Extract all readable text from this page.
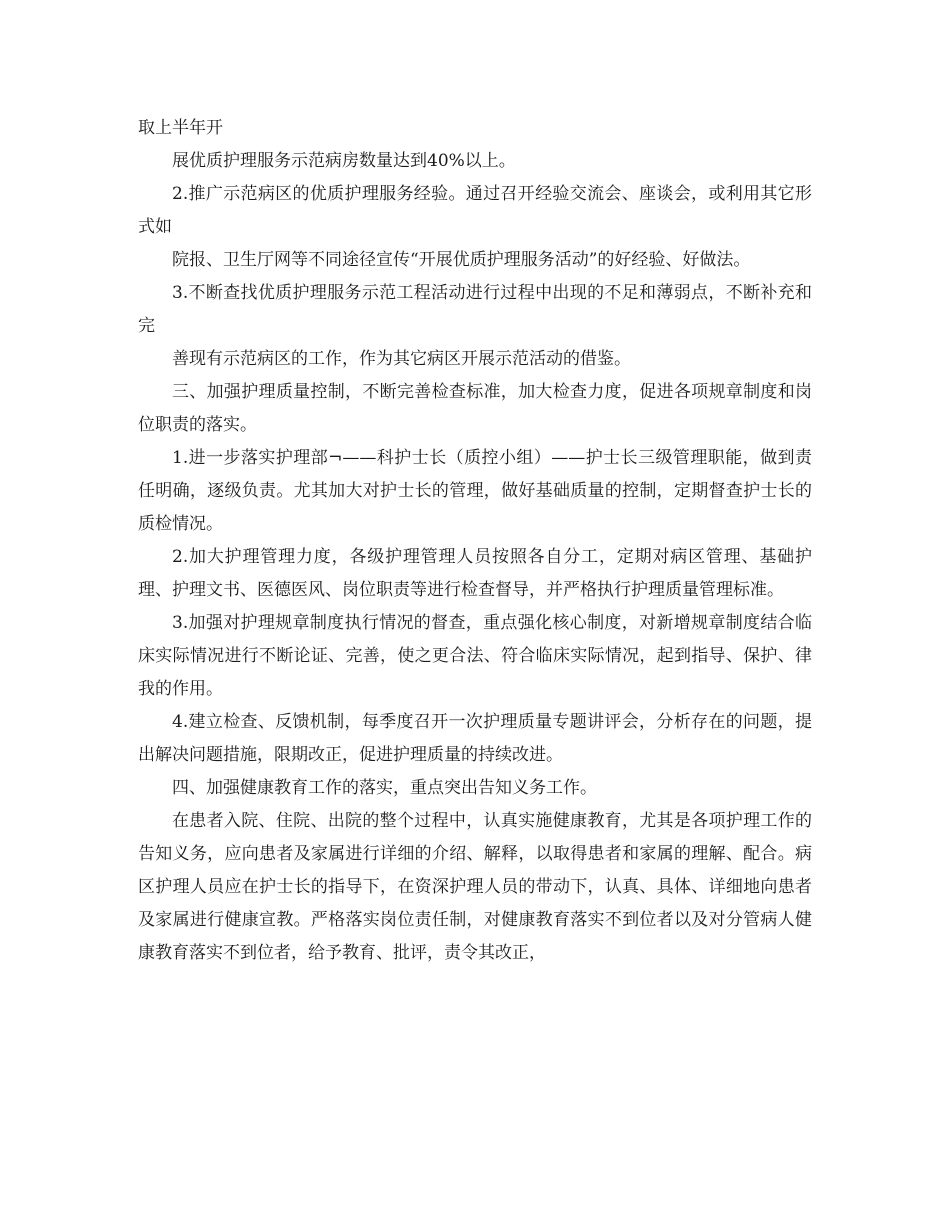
取上半年开

展优质护理服务示范病房数量达到40%以上。

2.推广示范病区的优质护理服务经验。通过召开经验交流会、座谈会，或利用其它形式如

院报、卫生厅网等不同途径宣传“开展优质护理服务活动”的好经验、好做法。

3.不断查找优质护理服务示范工程活动进行过程中出现的不足和薄弱点，不断补充和完

善现有示范病区的工作，作为其它病区开展示范活动的借鉴。

三、加强护理质量控制，不断完善检查标准，加大检查力度，促进各项规章制度和岗位职责的落实。

1.进一步落实护理部¬——科护士长（质控小组）——护士长三级管理职能，做到责任明确，逐级负责。尤其加大对护士长的管理，做好基础质量的控制，定期督查护士长的质检情况。

2.加大护理管理力度，各级护理管理人员按照各自分工，定期对病区管理、基础护理、护理文书、医德医风、岗位职责等进行检查督导，并严格执行护理质量管理标准。

3.加强对护理规章制度执行情况的督查，重点强化核心制度，对新增规章制度结合临床实际情况进行不断论证、完善，使之更合法、符合临床实际情况，起到指导、保护、律我的作用。

4.建立检查、反馈机制，每季度召开一次护理质量专题讲评会，分析存在的问题，提出解决问题措施，限期改正，促进护理质量的持续改进。

四、加强健康教育工作的落实，重点突出告知义务工作。

在患者入院、住院、出院的整个过程中，认真实施健康教育，尤其是各项护理工作的告知义务，应向患者及家属进行详细的介绍、解释，以取得患者和家属的理解、配合。病区护理人员应在护士长的指导下，在资深护理人员的带动下，认真、具体、详细地向患者及家属进行健康宣教。严格落实岗位责任制，对健康教育落实不到位者以及对分管病人健康教育落实不到位者，给予教育、批评，责令其改正，
